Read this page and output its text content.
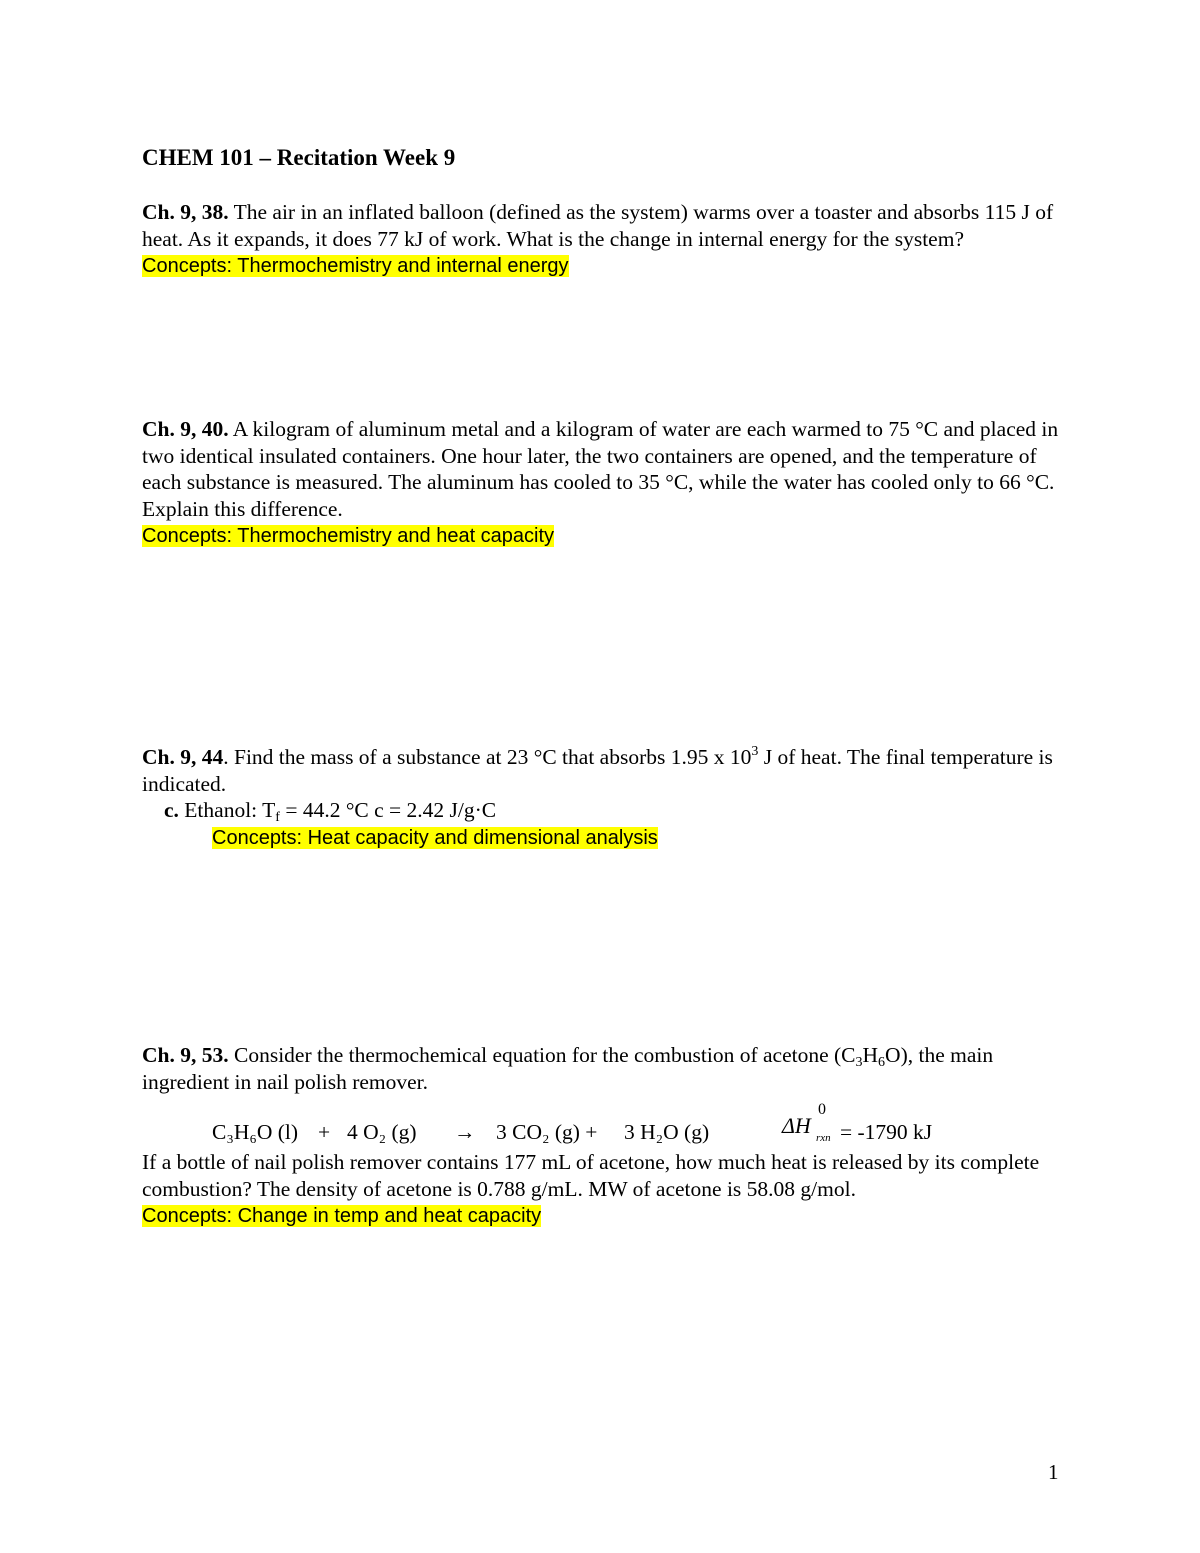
CHEM 101 – Recitation Week 9

Ch. 9, 38. The air in an inflated balloon (defined as the system) warms over a toaster and absorbs 115 J of heat. As it expands, it does 77 kJ of work. What is the change in internal energy for the system?

Concepts: Thermochemistry and internal energy

Ch. 9, 40. A kilogram of aluminum metal and a kilogram of water are each warmed to 75 °C and placed in two identical insulated containers. One hour later, the two containers are opened, and the temperature of each substance is measured. The aluminum has cooled to 35 °C, while the water has cooled only to 66 °C. Explain this difference.

Concepts: Thermochemistry and heat capacity

Ch. 9, 44. Find the mass of a substance at 23 °C that absorbs 1.95 x $10^3$ J of heat. The final temperature is indicated.

c. Ethanol: $T_f = 44.2$ °C c = 2.42 J/g·C

Concepts: Heat capacity and dimensional analysis

Ch. 9, 53. Consider the thermochemical equation for the combustion of acetone $(C_3H_6O)$, the main ingredient in nail polish remover.

C₃H₆O (l) + 4 O₂ (g) → 3 CO₂ (g) + 3 H₂O (g)	ΔH
0
rxn = -1790 kJ

If a bottle of nail polish remover contains 177 mL of acetone, how much heat is released by its complete combustion? The density of acetone is 0.788 g/mL. MW of acetone is 58.08 g/mol.

Concepts: Change in temp and heat capacity

1
